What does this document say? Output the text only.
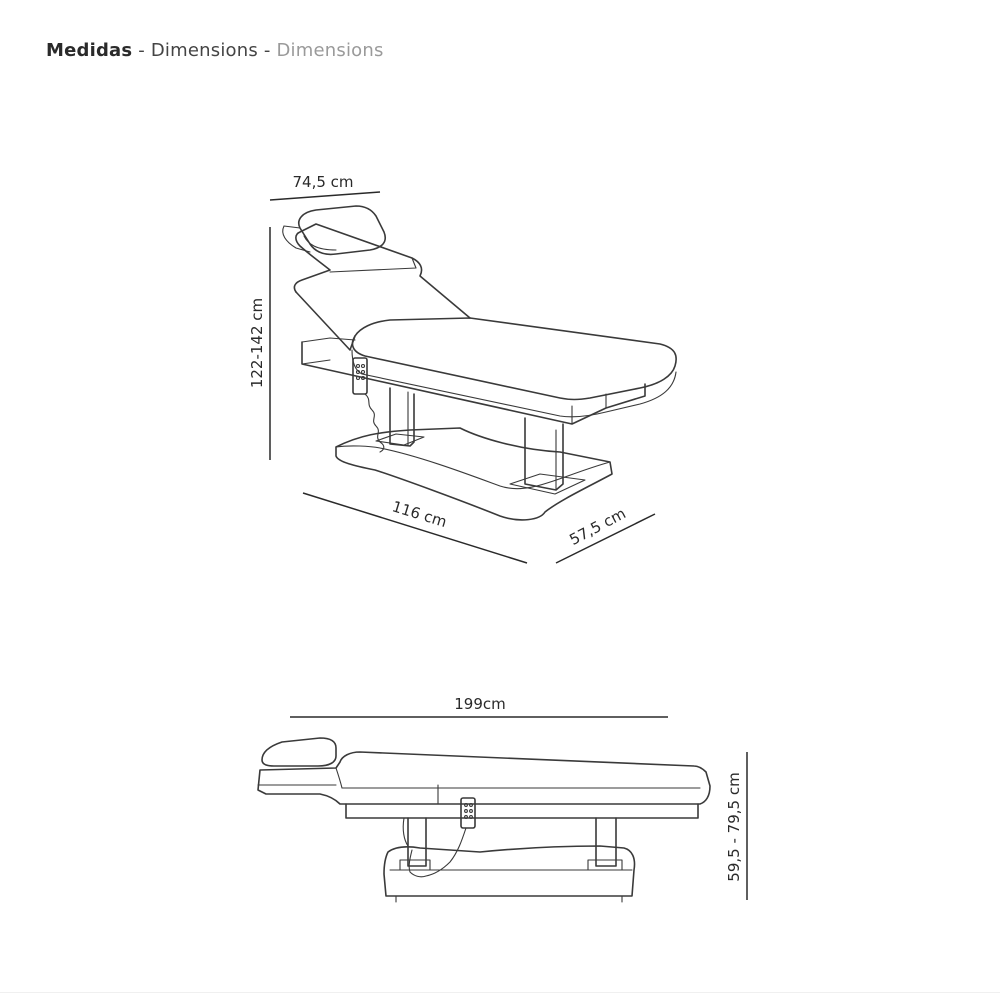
Medidas - Dimensions - Dimensions
74,5 cm
122-142 cm
116 cm	57,5 cm
199cm
59,5 - 79,5 cm
